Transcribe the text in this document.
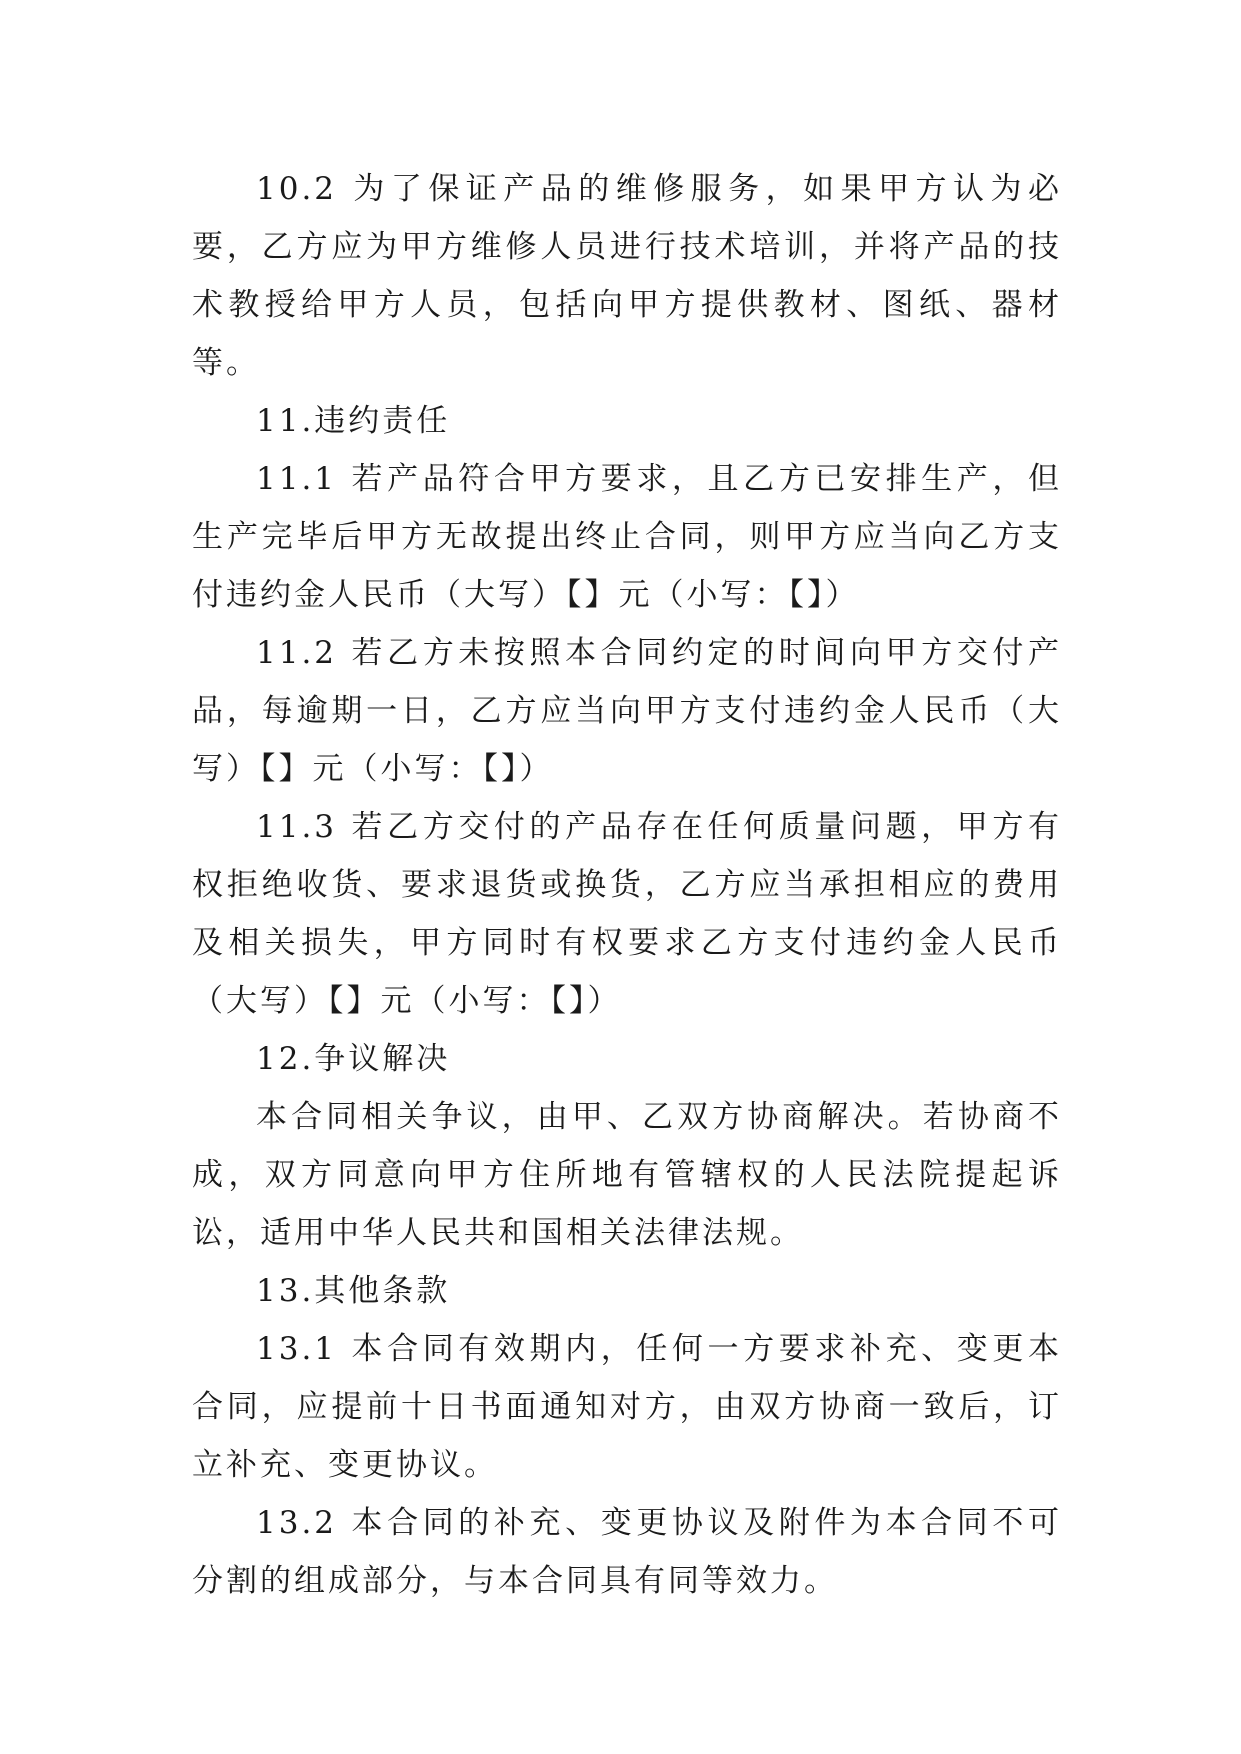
10.2 为了保证产品的维修服务，如果甲方认为必要，乙方应为甲方维修人员进行技术培训，并将产品的技术教授给甲方人员，包括向甲方提供教材、图纸、器材等。

11.违约责任

11.1 若产品符合甲方要求，且乙方已安排生产，但生产完毕后甲方无故提出终止合同，则甲方应当向乙方支付违约金人民币（大写）【】元（小写：【】）

11.2 若乙方未按照本合同约定的时间向甲方交付产品，每逾期一日，乙方应当向甲方支付违约金人民币（大写）【】元（小写：【】）

11.3 若乙方交付的产品存在任何质量问题，甲方有权拒绝收货、要求退货或换货，乙方应当承担相应的费用及相关损失，甲方同时有权要求乙方支付违约金人民币（大写）【】元（小写：【】）

12.争议解决

本合同相关争议，由甲、乙双方协商解决。若协商不成，双方同意向甲方住所地有管辖权的人民法院提起诉讼，适用中华人民共和国相关法律法规。

13.其他条款

13.1 本合同有效期内，任何一方要求补充、变更本合同，应提前十日书面通知对方，由双方协商一致后，订立补充、变更协议。

13.2 本合同的补充、变更协议及附件为本合同不可分割的组成部分，与本合同具有同等效力。
